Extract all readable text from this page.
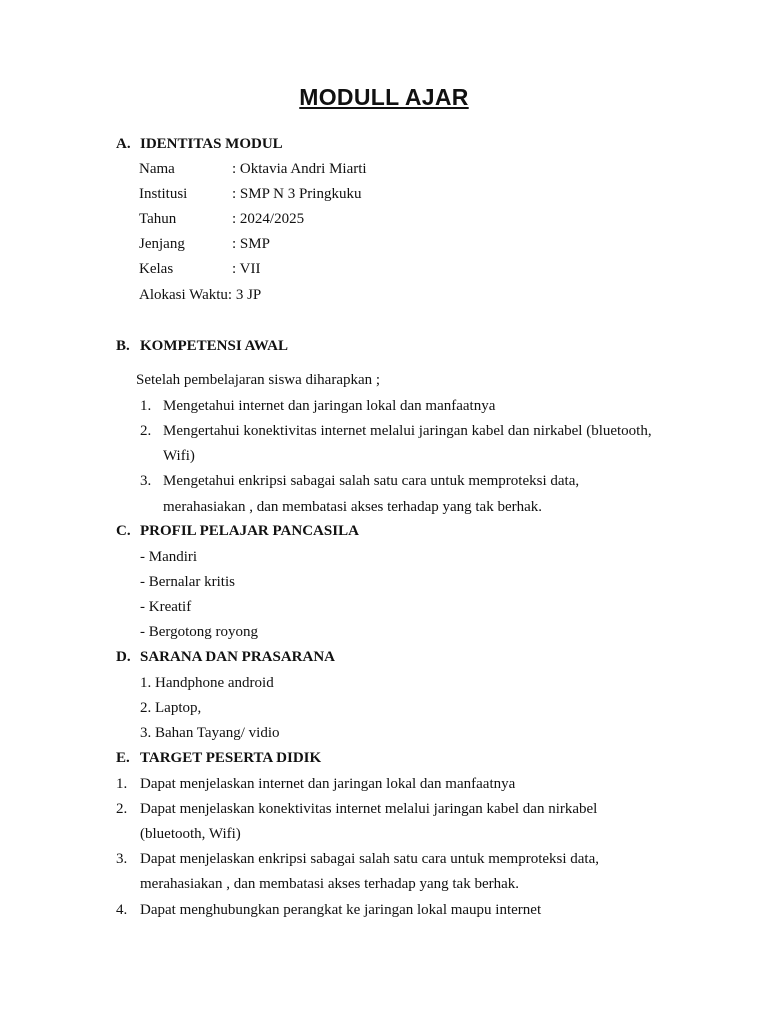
MODULL AJAR
A. IDENTITAS MODUL
Nama	: Oktavia Andri Miarti
Institusi	: SMP N 3 Pringkuku
Tahun	: 2024/2025
Jenjang	: SMP
Kelas	: VII
Alokasi Waktu: 3 JP
B. KOMPETENSI AWAL
Setelah pembelajaran siswa diharapkan ;
1. Mengetahui internet dan jaringan lokal dan manfaatnya
2. Mengertahui konektivitas internet melalui jaringan kabel dan nirkabel (bluetooth,
Wifi)
3. Mengetahui enkripsi sabagai salah satu cara untuk memproteksi data,
merahasiakan , dan membatasi akses terhadap yang tak berhak.
C. PROFIL PELAJAR PANCASILA
- Mandiri
- Bernalar kritis
- Kreatif
- Bergotong royong
D. SARANA DAN PRASARANA
1. Handphone android
2. Laptop,
3. Bahan Tayang/ vidio
E. TARGET PESERTA DIDIK
1. Dapat menjelaskan internet dan jaringan lokal dan manfaatnya
2. Dapat menjelaskan konektivitas internet melalui jaringan kabel dan nirkabel
(bluetooth, Wifi)
3. Dapat menjelaskan enkripsi sabagai salah satu cara untuk memproteksi data,
merahasiakan , dan membatasi akses terhadap yang tak berhak.
4. Dapat menghubungkan perangkat ke jaringan lokal maupu internet
